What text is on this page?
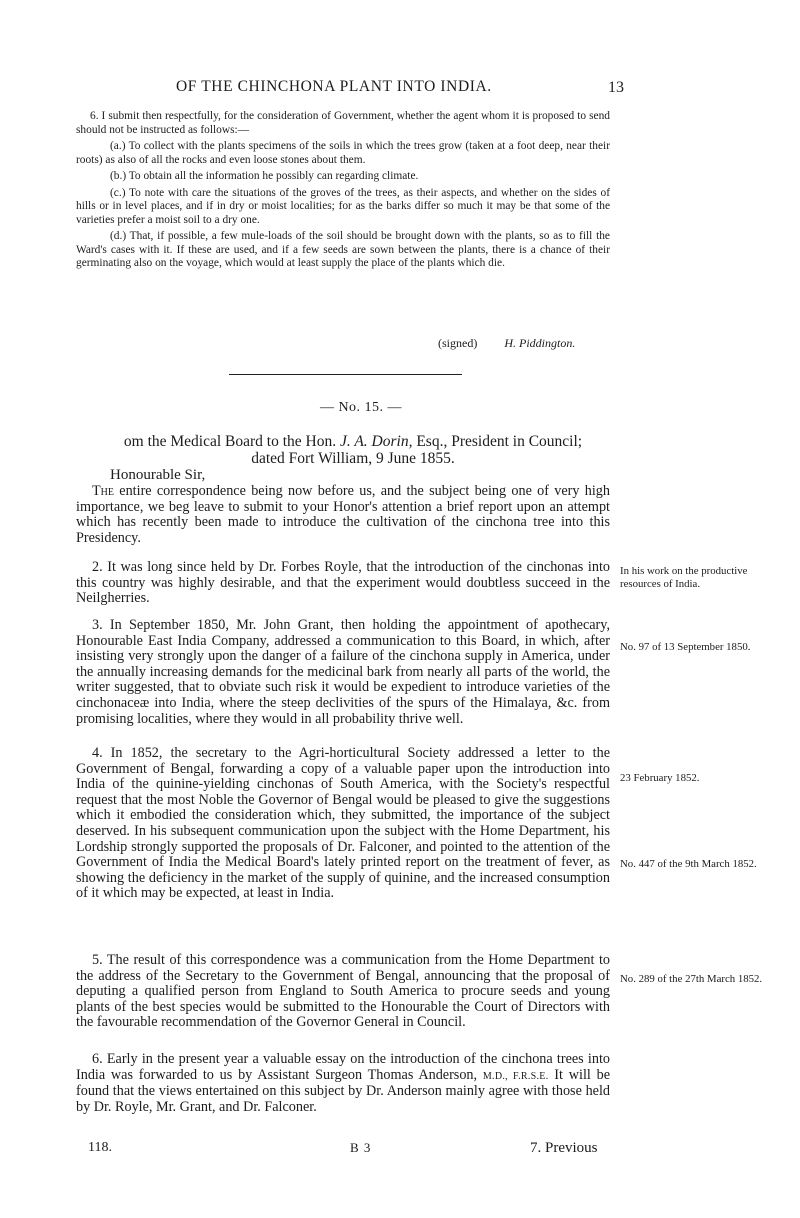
OF THE CHINCHONA PLANT INTO INDIA.	13

6. I submit then respectfully, for the consideration of Government, whether the agent whom it is proposed to send should not be instructed as follows:—

(a.) To collect with the plants specimens of the soils in which the trees grow (taken at a foot deep, near their roots) as also of all the rocks and even loose stones about them.

(b.) To obtain all the information he possibly can regarding climate.

(c.) To note with care the situations of the groves of the trees, as their aspects, and whether on the sides of hills or in level places, and if in dry or moist localities; for as the barks differ so much it may be that some of the varieties prefer a moist soil to a dry one.

(d.) That, if possible, a few mule-loads of the soil should be brought down with the plants, so as to fill the Ward's cases with it. If these are used, and if a few seeds are sown between the plants, there is a chance of their germinating also on the voyage, which would at least supply the place of the plants which die.

(signed) H. Piddington.
— No. 15. —
om the Medical Board to the Hon. J. A. Dorin, Esq., President in Council;
dated Fort William, 9 June 1855.
Honourable Sir,

The entire correspondence being now before us, and the subject being one of very high importance, we beg leave to submit to your Honor's attention a brief report upon an attempt which has recently been made to introduce the cultivation of the cinchona tree into this Presidency.

2. It was long since held by Dr. Forbes Royle, that the introduction of the cinchonas into this country was highly desirable, and that the experiment would doubtless succeed in the Neilgherries.

3. In September 1850, Mr. John Grant, then holding the appointment of apothecary, Honourable East India Company, addressed a communication to this Board, in which, after insisting very strongly upon the danger of a failure of the cinchona supply in America, under the annually increasing demands for the medicinal bark from nearly all parts of the world, the writer suggested, that to obviate such risk it would be expedient to introduce varieties of the cinchonaceæ into India, where the steep declivities of the spurs of the Himalaya, &c. from promising localities, where they would in all probability thrive well.

4. In 1852, the secretary to the Agri-horticultural Society addressed a letter to the Government of Bengal, forwarding a copy of a valuable paper upon the introduction into India of the quinine-yielding cinchonas of South America, with the Society's respectful request that the most Noble the Governor of Bengal would be pleased to give the suggestions which it embodied the consideration which, they submitted, the importance of the subject deserved. In his subsequent communication upon the subject with the Home Department, his Lordship strongly supported the proposals of Dr. Falconer, and pointed to the attention of the Government of India the Medical Board's lately printed report on the treatment of fever, as showing the deficiency in the market of the supply of quinine, and the increased consumption of it which may be expected, at least in India.

5. The result of this correspondence was a communication from the Home Department to the address of the Secretary to the Government of Bengal, announcing that the proposal of deputing a qualified person from England to South America to procure seeds and young plants of the best species would be submitted to the Honourable the Court of Directors with the favourable recommendation of the Governor General in Council.

6. Early in the present year a valuable essay on the introduction of the cinchona trees into India was forwarded to us by Assistant Surgeon Thomas Anderson, M.D., F.R.S.E. It will be found that the views entertained on this subject by Dr. Anderson mainly agree with those held by Dr. Royle, Mr. Grant, and Dr. Falconer.

In his work on the productive resources of India.
No. 97 of 13 September 1850.
23 February 1852.
No. 447 of the 9th March 1852.
No. 289 of the 27th March 1852.
118.	B 3	7. Previous
